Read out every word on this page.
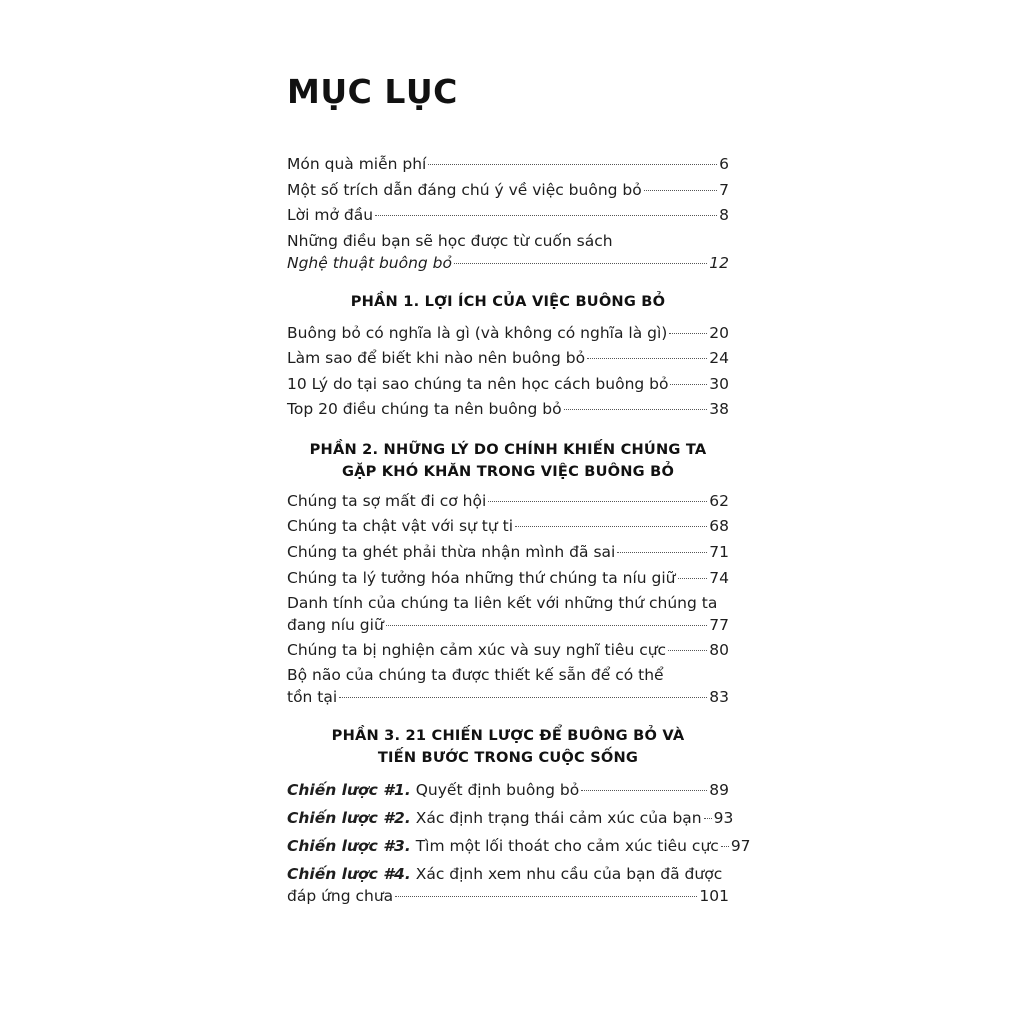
MỤC LỤC
Món quà miễn phí	6
Một số trích dẫn đáng chú ý về việc buông bỏ	7
Lời mở đầu	8
Những điều bạn sẽ học được từ cuốn sách
Nghệ thuật buông bỏ	12
PHẦN 1. LỢI ÍCH CỦA VIỆC BUÔNG BỎ
Buông bỏ có nghĩa là gì (và không có nghĩa là gì)	20
Làm sao để biết khi nào nên buông bỏ	24
10 Lý do tại sao chúng ta nên học cách buông bỏ	30
Top 20 điều chúng ta nên buông bỏ	38
PHẦN 2. NHỮNG LÝ DO CHÍNH KHIẾN CHÚNG TA
GẶP KHÓ KHĂN TRONG VIỆC BUÔNG BỎ
Chúng ta sợ mất đi cơ hội	62
Chúng ta chật vật với sự tự ti	68
Chúng ta ghét phải thừa nhận mình đã sai	71
Chúng ta lý tưởng hóa những thứ chúng ta níu giữ 74
Danh tính của chúng ta liên kết với những thứ chúng ta
đang níu giữ	77
Chúng ta bị nghiện cảm xúc và suy nghĩ tiêu cực	80
Bộ não của chúng ta được thiết kế sẵn để có thể
tồn tại	83
PHẦN 3. 21 CHIẾN LƯỢC ĐỂ BUÔNG BỎ VÀ
TIẾN BƯỚC TRONG CUỘC SỐNG
Chiến lược #1. Quyết định buông bỏ	89
Chiến lược #2. Xác định trạng thái cảm xúc của bạn 93
Chiến lược #3. Tìm một lối thoát cho cảm xúc tiêu cực 97
Chiến lược #4. Xác định xem nhu cầu của bạn đã được
đáp ứng chưa	101
